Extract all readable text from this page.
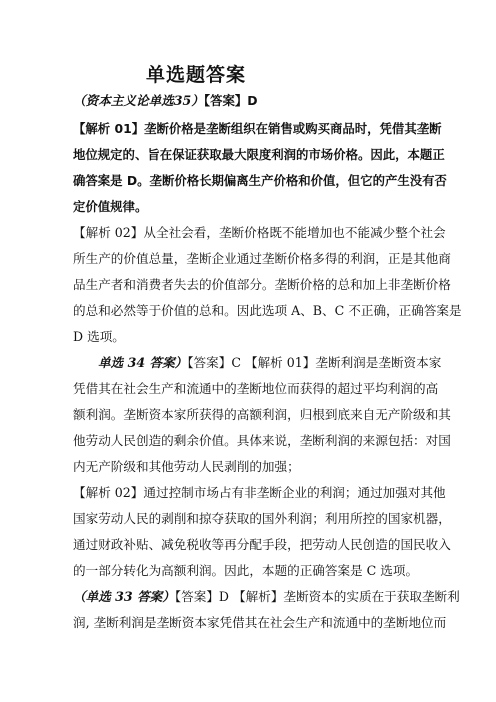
单选题答案
（资本主义论单选35）【答案】D
【解析 01】垄断价格是垄断组织在销售或购买商品时，凭借其垄断
地位规定的、旨在保证获取最大限度利润的市场价格。因此，本题正
确答案是 D。垄断价格长期偏离生产价格和价值，但它的产生没有否
定价值规律。
【解析 02】从全社会看，垄断价格既不能增加也不能减少整个社会
所生产的价值总量，垄断企业通过垄断价格多得的利润，正是其他商
品生产者和消费者失去的价值部分。垄断价格的总和加上非垄断价格
的总和必然等于价值的总和。因此选项 A、B、C 不正确，正确答案是
D 选项。
单选 34 答案）【答案】C 【解析 01】垄断利润是垄断资本家
凭借其在社会生产和流通中的垄断地位而获得的超过平均利润的高
额利润。垄断资本家所获得的高额利润，归根到底来自无产阶级和其
他劳动人民创造的剩余价值。具体来说，垄断利润的来源包括：对国
内无产阶级和其他劳动人民剥削的加强；
【解析 02】通过控制市场占有非垄断企业的利润；通过加强对其他
国家劳动人民的剥削和掠夺获取的国外利润；利用所控的国家机器，
通过财政补贴、减免税收等再分配手段，把劳动人民创造的国民收入
的一部分转化为高额利润。因此，本题的正确答案是 C 选项。
（单选 33 答案）【答案】D 【解析】垄断资本的实质在于获取垄断利
润, 垄断利润是垄断资本家凭借其在社会生产和流通中的垄断地位而
